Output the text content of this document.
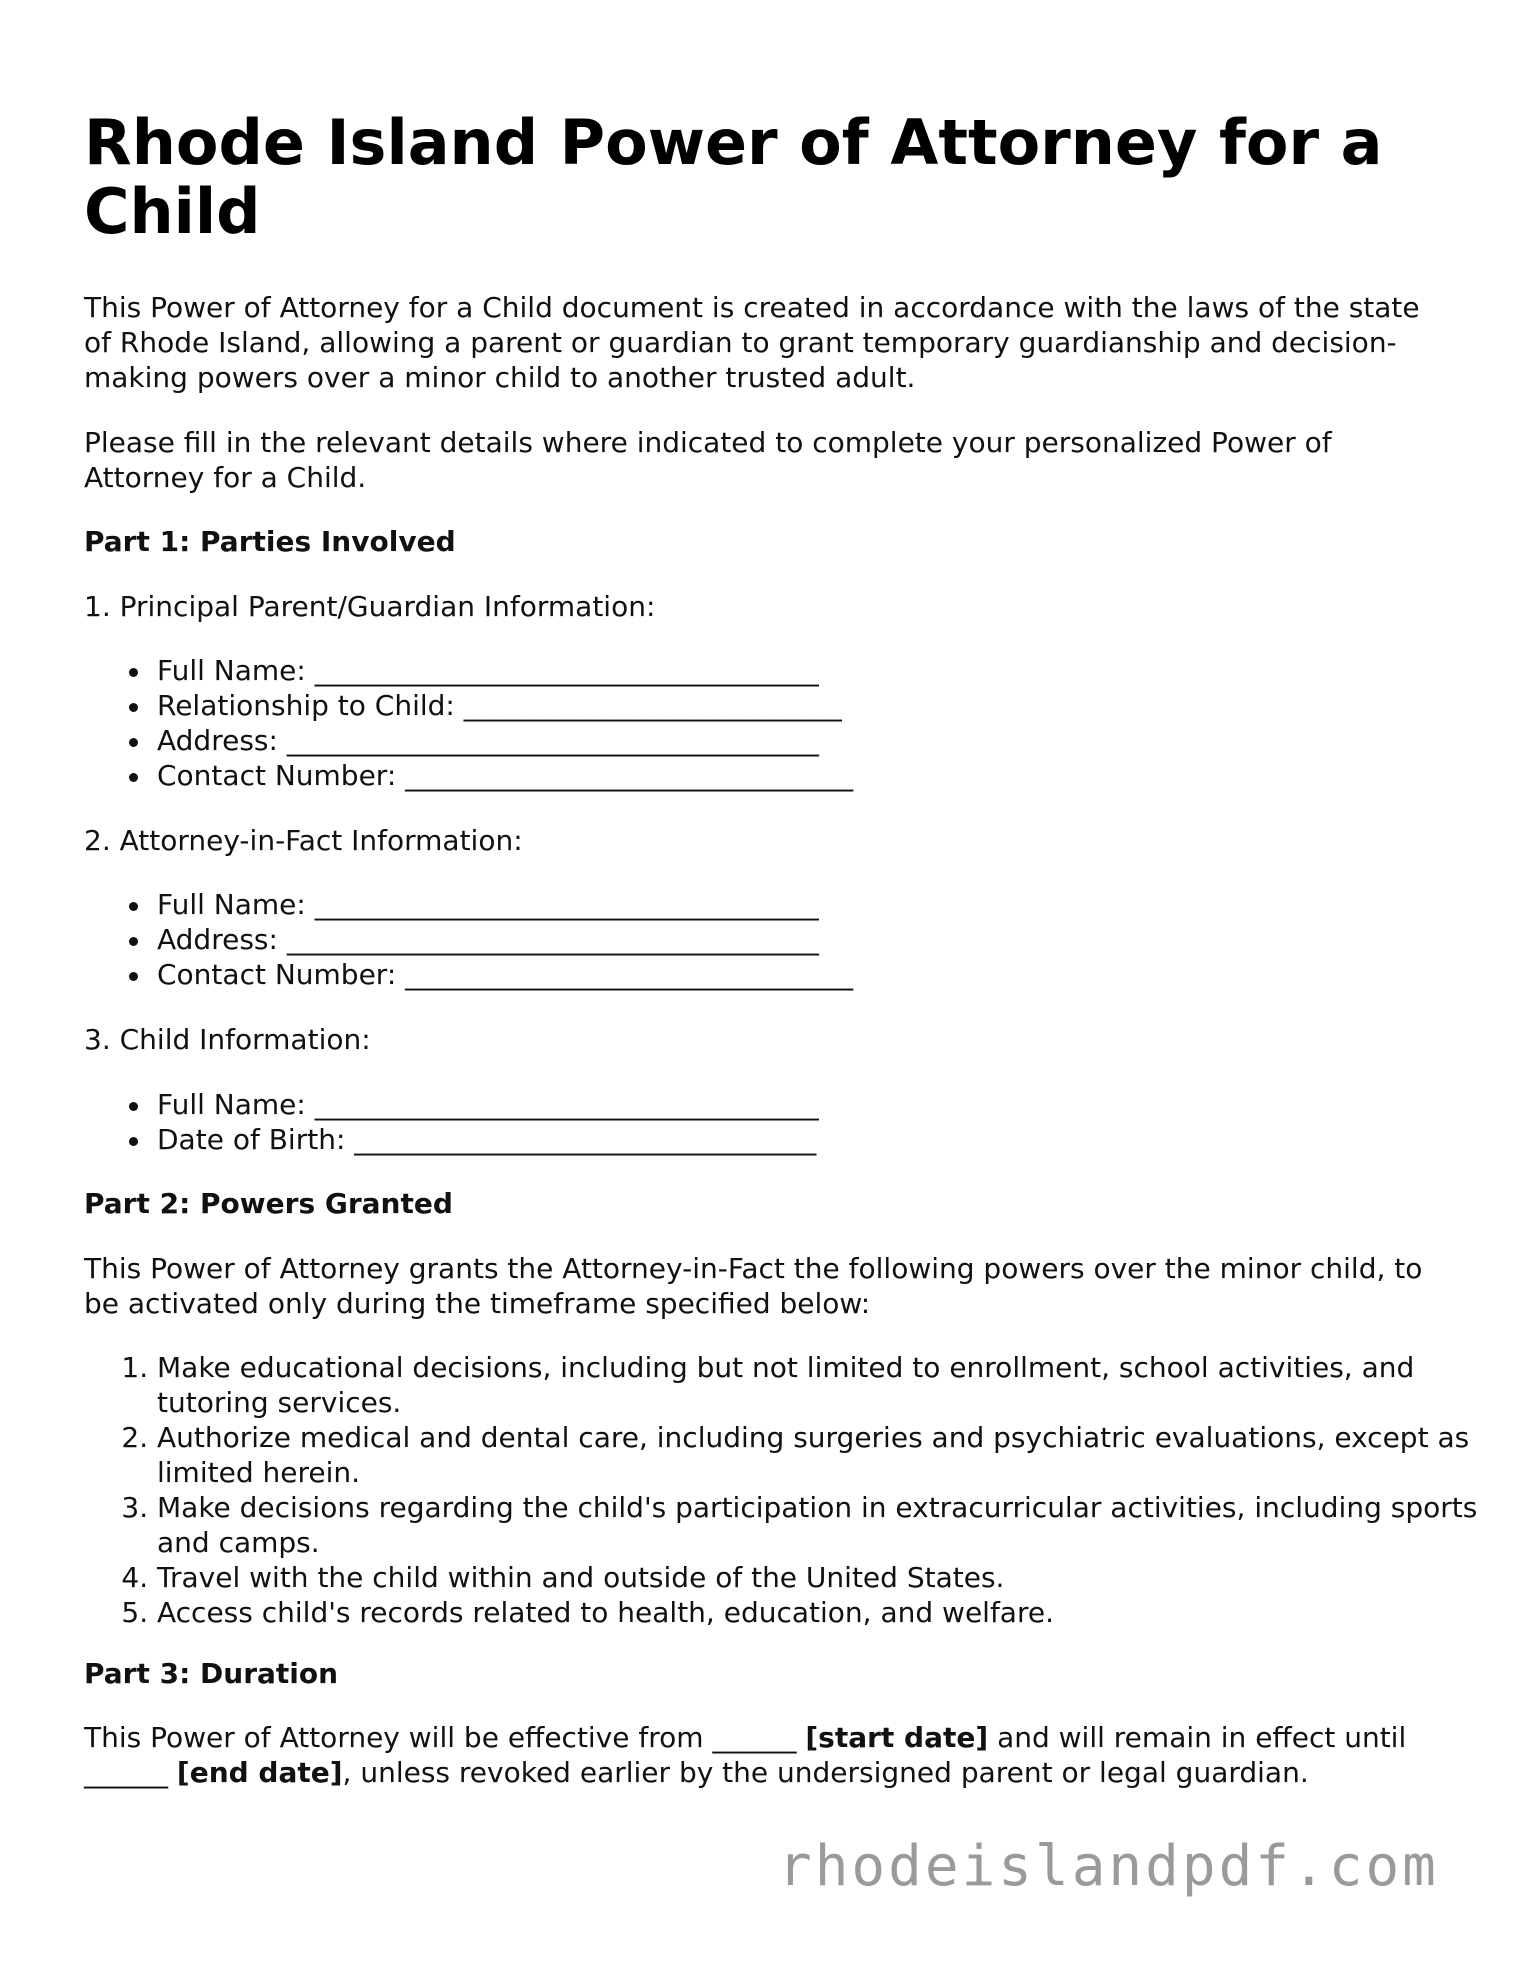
Rhode Island Power of Attorney for a Child

This Power of Attorney for a Child document is created in accordance with the laws of the state of Rhode Island, allowing a parent or guardian to grant temporary guardianship and decision-making powers over a minor child to another trusted adult.

Please fill in the relevant details where indicated to complete your personalized Power of Attorney for a Child.

Part 1: Parties Involved

1. Principal Parent/Guardian Information:

Full Name: ____________________________________
Relationship to Child: ___________________________
Address: ______________________________________
Contact Number: ________________________________

2. Attorney-in-Fact Information:

Full Name: ____________________________________
Address: ______________________________________
Contact Number: ________________________________

3. Child Information:

Full Name: ____________________________________
Date of Birth: _________________________________

Part 2: Powers Granted

This Power of Attorney grants the Attorney-in-Fact the following powers over the minor child, to be activated only during the timeframe specified below:

1. Make educational decisions, including but not limited to enrollment, school activities, and tutoring services.
2. Authorize medical and dental care, including surgeries and psychiatric evaluations, except as limited herein.
3. Make decisions regarding the child's participation in extracurricular activities, including sports and camps.
4. Travel with the child within and outside of the United States.
5. Access child's records related to health, education, and welfare.

Part 3: Duration

This Power of Attorney will be effective from ______ [start date] and will remain in effect until ______ [end date], unless revoked earlier by the undersigned parent or legal guardian.

rhodeislandpdf.com
